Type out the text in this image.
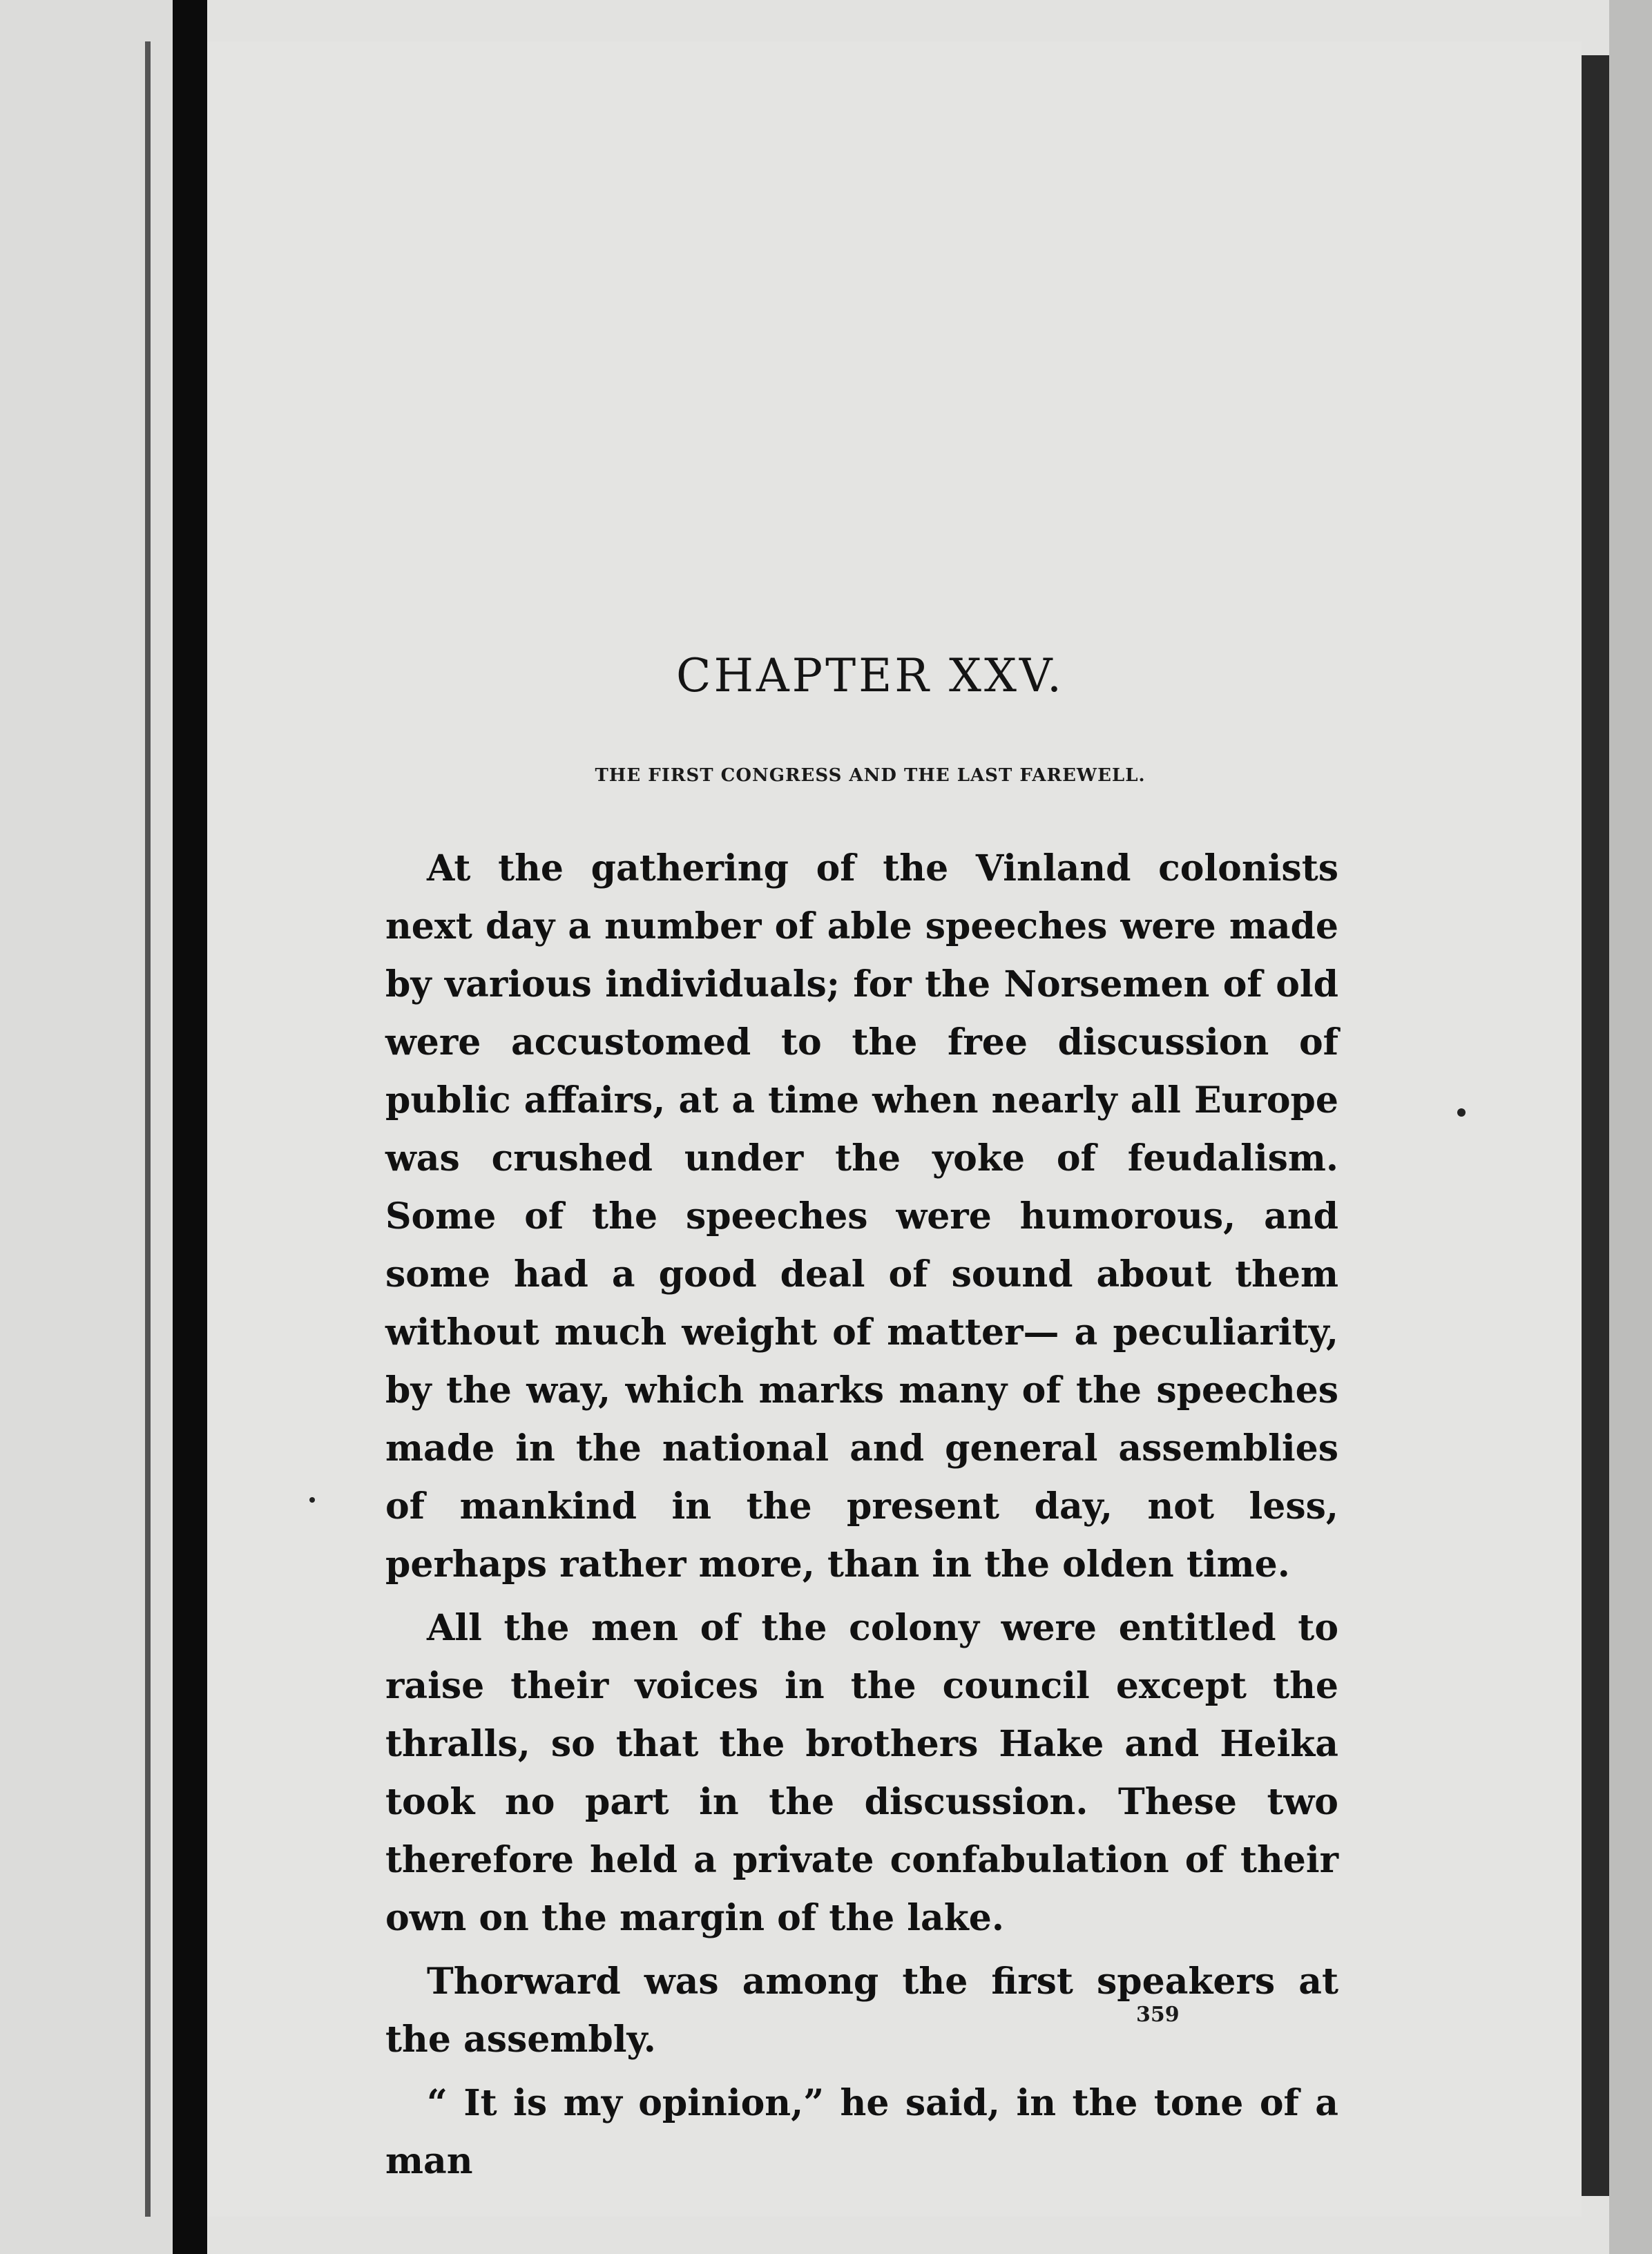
CHAPTER XXV.
THE FIRST CONGRESS AND THE LAST FAREWELL.

At the gathering of the Vinland colonists next day a number of able speeches were made by various individuals; for the Norsemen of old were accustomed to the free discussion of public affairs, at a time when nearly all Europe was crushed under the yoke of feudalism. Some of the speeches were humorous, and some had a good deal of sound about them without much weight of matter— a peculiarity, by the way, which marks many of the speeches made in the national and general assemblies of mankind in the present day, not less, perhaps rather more, than in the olden time.

All the men of the colony were entitled to raise their voices in the council except the thralls, so that the brothers Hake and Heika took no part in the discussion. These two therefore held a private confabulation of their own on the margin of the lake.

Thorward was among the first speakers at the assembly.

“ It is my opinion,” he said, in the tone of a man

359
